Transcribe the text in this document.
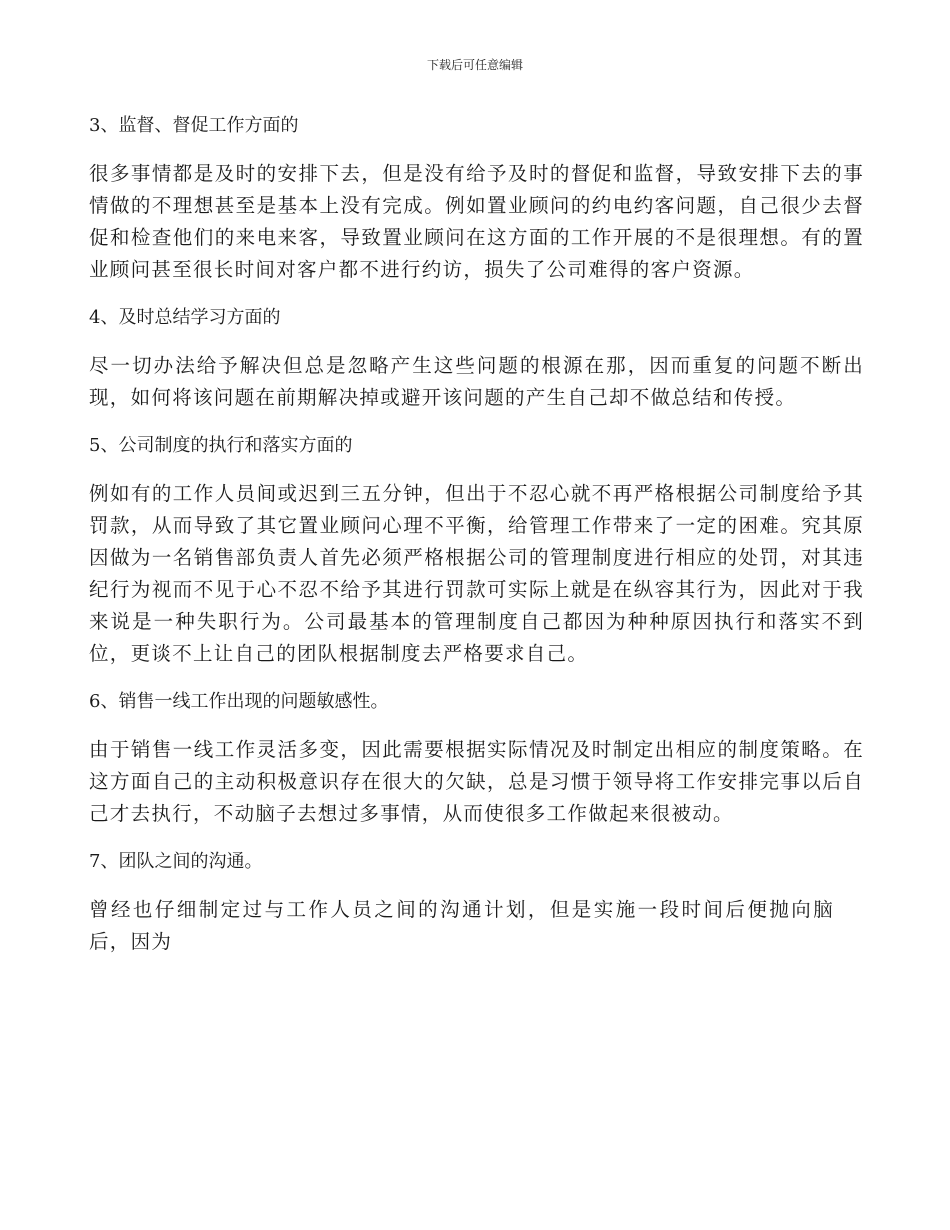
下载后可任意编辑
3、监督、督促工作方面的
很多事情都是及时的安排下去，但是没有给予及时的督促和监督，导致安排下去的事情做的不理想甚至是基本上没有完成。例如置业顾问的约电约客问题，自己很少去督促和检查他们的来电来客，导致置业顾问在这方面的工作开展的不是很理想。有的置业顾问甚至很长时间对客户都不进行约访，损失了公司难得的客户资源。
4、及时总结学习方面的
尽一切办法给予解决但总是忽略产生这些问题的根源在那，因而重复的问题不断出现，如何将该问题在前期解决掉或避开该问题的产生自己却不做总结和传授。
5、公司制度的执行和落实方面的
例如有的工作人员间或迟到三五分钟，但出于不忍心就不再严格根据公司制度给予其罚款，从而导致了其它置业顾问心理不平衡，给管理工作带来了一定的困难。究其原因做为一名销售部负责人首先必须严格根据公司的管理制度进行相应的处罚，对其违纪行为视而不见于心不忍不给予其进行罚款可实际上就是在纵容其行为，因此对于我来说是一种失职行为。公司最基本的管理制度自己都因为种种原因执行和落实不到位，更谈不上让自己的团队根据制度去严格要求自己。
6、销售一线工作出现的问题敏感性。
由于销售一线工作灵活多变，因此需要根据实际情况及时制定出相应的制度策略。在这方面自己的主动积极意识存在很大的欠缺，总是习惯于领导将工作安排完事以后自己才去执行，不动脑子去想过多事情，从而使很多工作做起来很被动。
7、团队之间的沟通。
曾经也仔细制定过与工作人员之间的沟通计划，但是实施一段时间后便抛向脑后，因为
